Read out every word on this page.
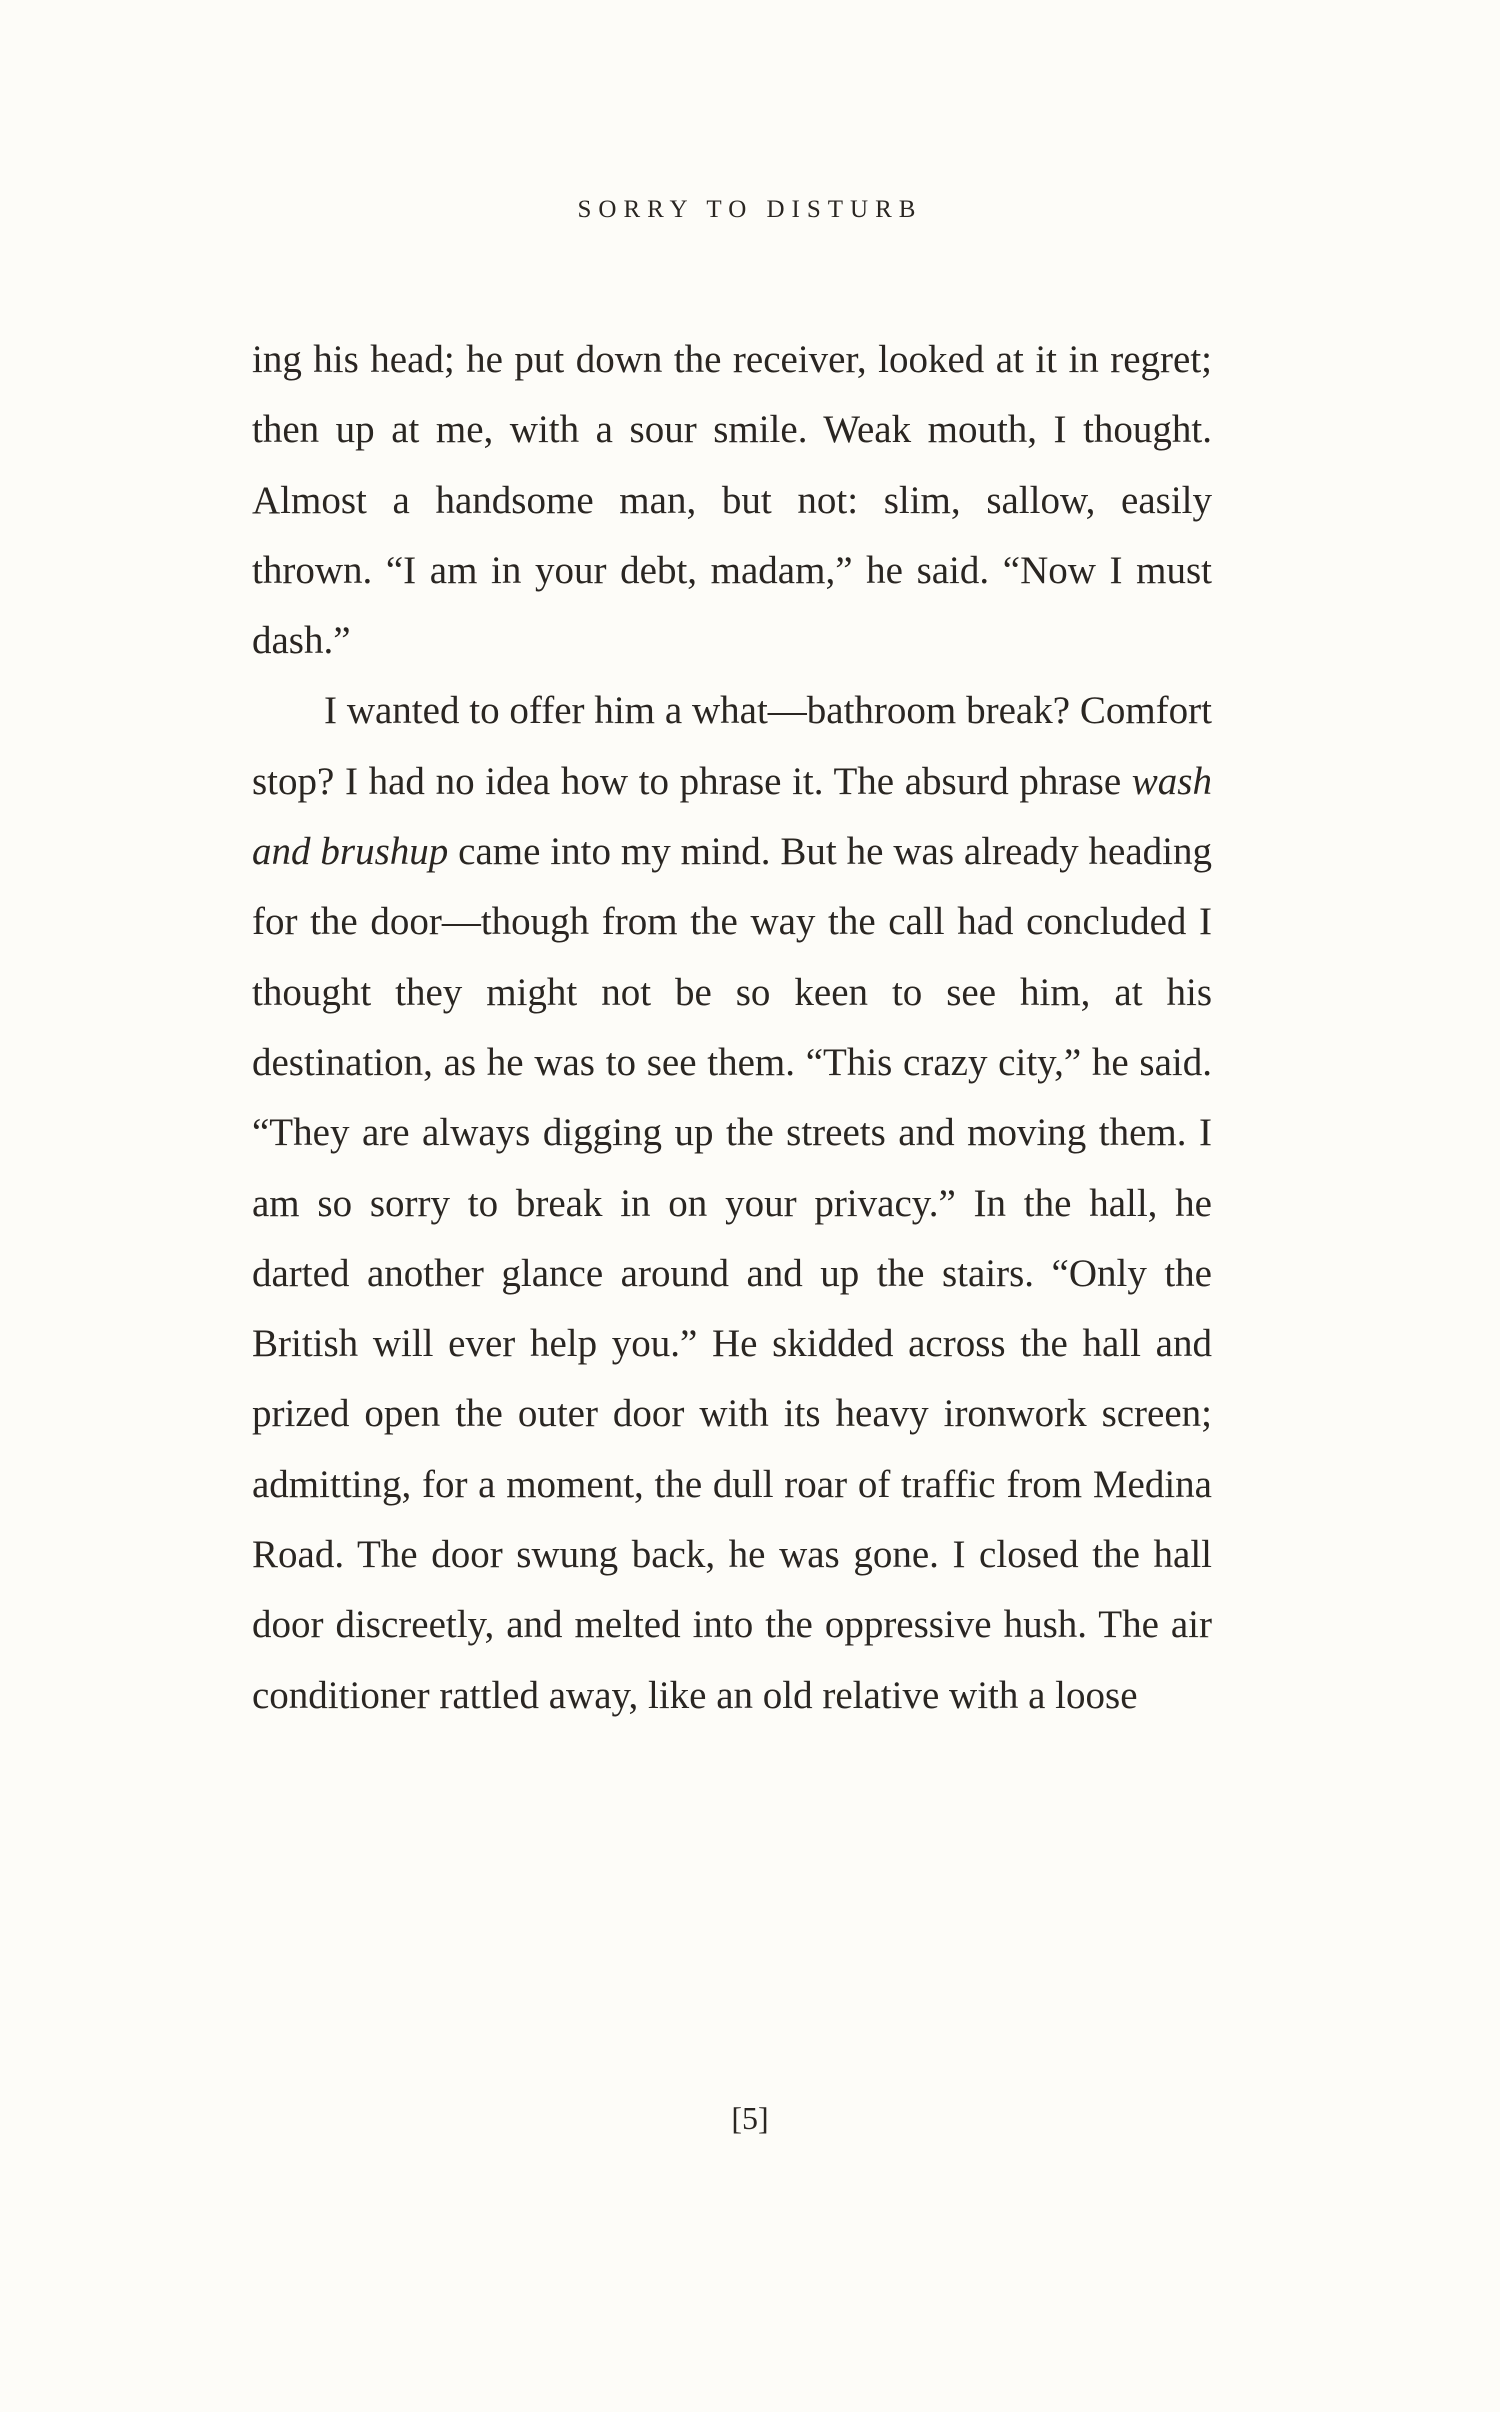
SORRY TO DISTURB

ing his head; he put down the receiver, looked at it in regret; then up at me, with a sour smile. Weak mouth, I thought. Almost a handsome man, but not: slim, sallow, easily thrown. “I am in your debt, madam,” he said. “Now I must dash.”

I wanted to offer him a what—bathroom break? Comfort stop? I had no idea how to phrase it. The absurd phrase wash and brushup came into my mind. But he was already heading for the door—though from the way the call had concluded I thought they might not be so keen to see him, at his destination, as he was to see them. “This crazy city,” he said. “They are always digging up the streets and moving them. I am so sorry to break in on your privacy.” In the hall, he darted another glance around and up the stairs. “Only the British will ever help you.” He skidded across the hall and prized open the outer door with its heavy ironwork screen; admitting, for a moment, the dull roar of traffic from Medina Road. The door swung back, he was gone. I closed the hall door discreetly, and melted into the oppressive hush. The air conditioner rattled away, like an old relative with a loose

[5]
